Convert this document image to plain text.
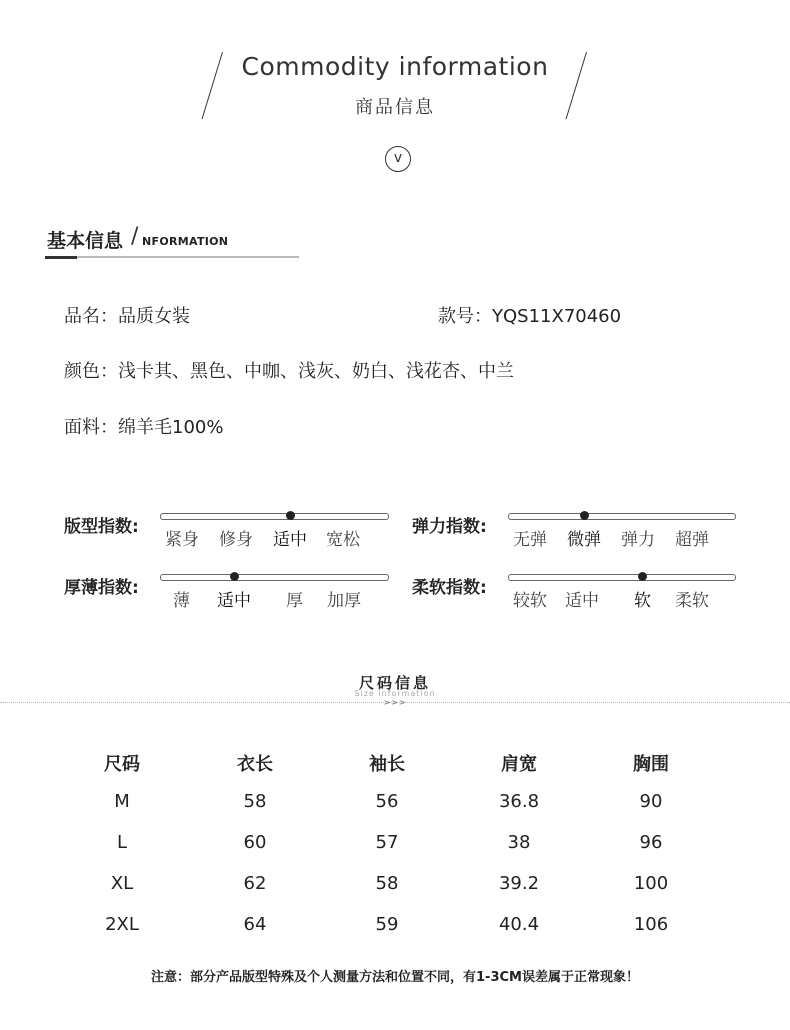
Commodity information
商品信息
v
基本信息 / NFORMATION
品名：品质女装	款号：YQS11X70460
颜色：浅卡其、黑色、中咖、浅灰、奶白、浅花杏、中兰
面料：绵羊毛100%
版型指数:	弹力指数:
厚薄指数:	柔软指数:
紧身 修身 适中 宽松	无弹 微弹 弹力 超弹
薄 适中 厚 加厚	较软 适中 软 柔软
尺码信息
Size information
>>>
尺码	衣长	袖长	肩宽	胸围
M	58	56	36.8	90
L	60	57	38	96
XL	62	58	39.2	100
2XL	64	59	40.4	106
注意：部分产品版型特殊及个人测量方法和位置不同，有1-3CM误差属于正常现象！
